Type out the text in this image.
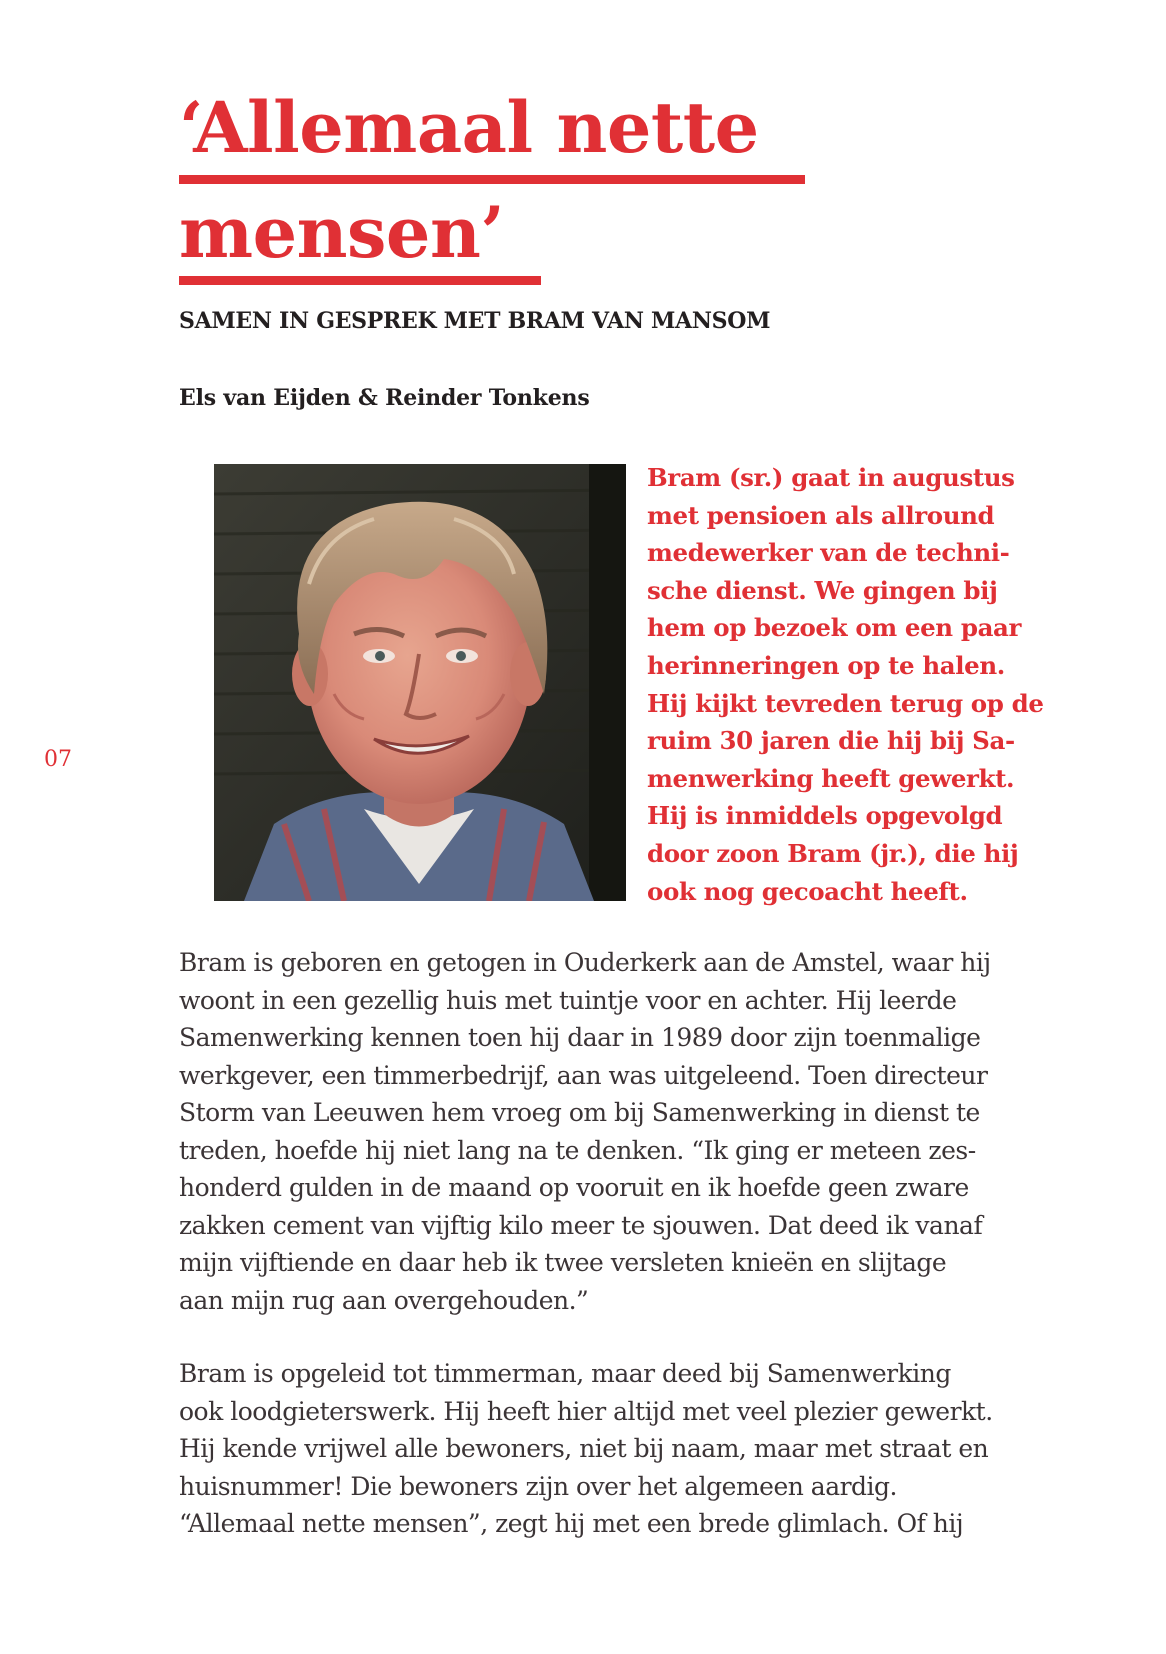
‘Allemaal nette
mensen’
SAMEN IN GESPREK MET BRAM VAN MANSOM
Els van Eijden & Reinder Tonkens
07
Bram (sr.) gaat in augustus
met pensioen als allround
medewerker van de techni-
sche dienst. We gingen bij
hem op bezoek om een paar
herinneringen op te halen.
Hij kijkt tevreden terug op de
ruim 30 jaren die hij bij Sa-
menwerking heeft gewerkt.
Hij is inmiddels opgevolgd
door zoon Bram (jr.), die hij
ook nog gecoacht heeft.
Bram is geboren en getogen in Ouderkerk aan de Amstel, waar hij
woont in een gezellig huis met tuintje voor en achter. Hij leerde
Samenwerking kennen toen hij daar in 1989 door zijn toenmalige
werkgever, een timmerbedrijf, aan was uitgeleend. Toen directeur
Storm van Leeuwen hem vroeg om bij Samenwerking in dienst te
treden, hoefde hij niet lang na te denken. “Ik ging er meteen zes-
honderd gulden in de maand op vooruit en ik hoefde geen zware
zakken cement van vijftig kilo meer te sjouwen. Dat deed ik vanaf
mijn vijftiende en daar heb ik twee versleten knieën en slijtage
aan mijn rug aan overgehouden.”
Bram is opgeleid tot timmerman, maar deed bij Samenwerking
ook loodgieterswerk. Hij heeft hier altijd met veel plezier gewerkt.
Hij kende vrijwel alle bewoners, niet bij naam, maar met straat en
huisnummer! Die bewoners zijn over het algemeen aardig.
“Allemaal nette mensen”, zegt hij met een brede glimlach. Of hij
